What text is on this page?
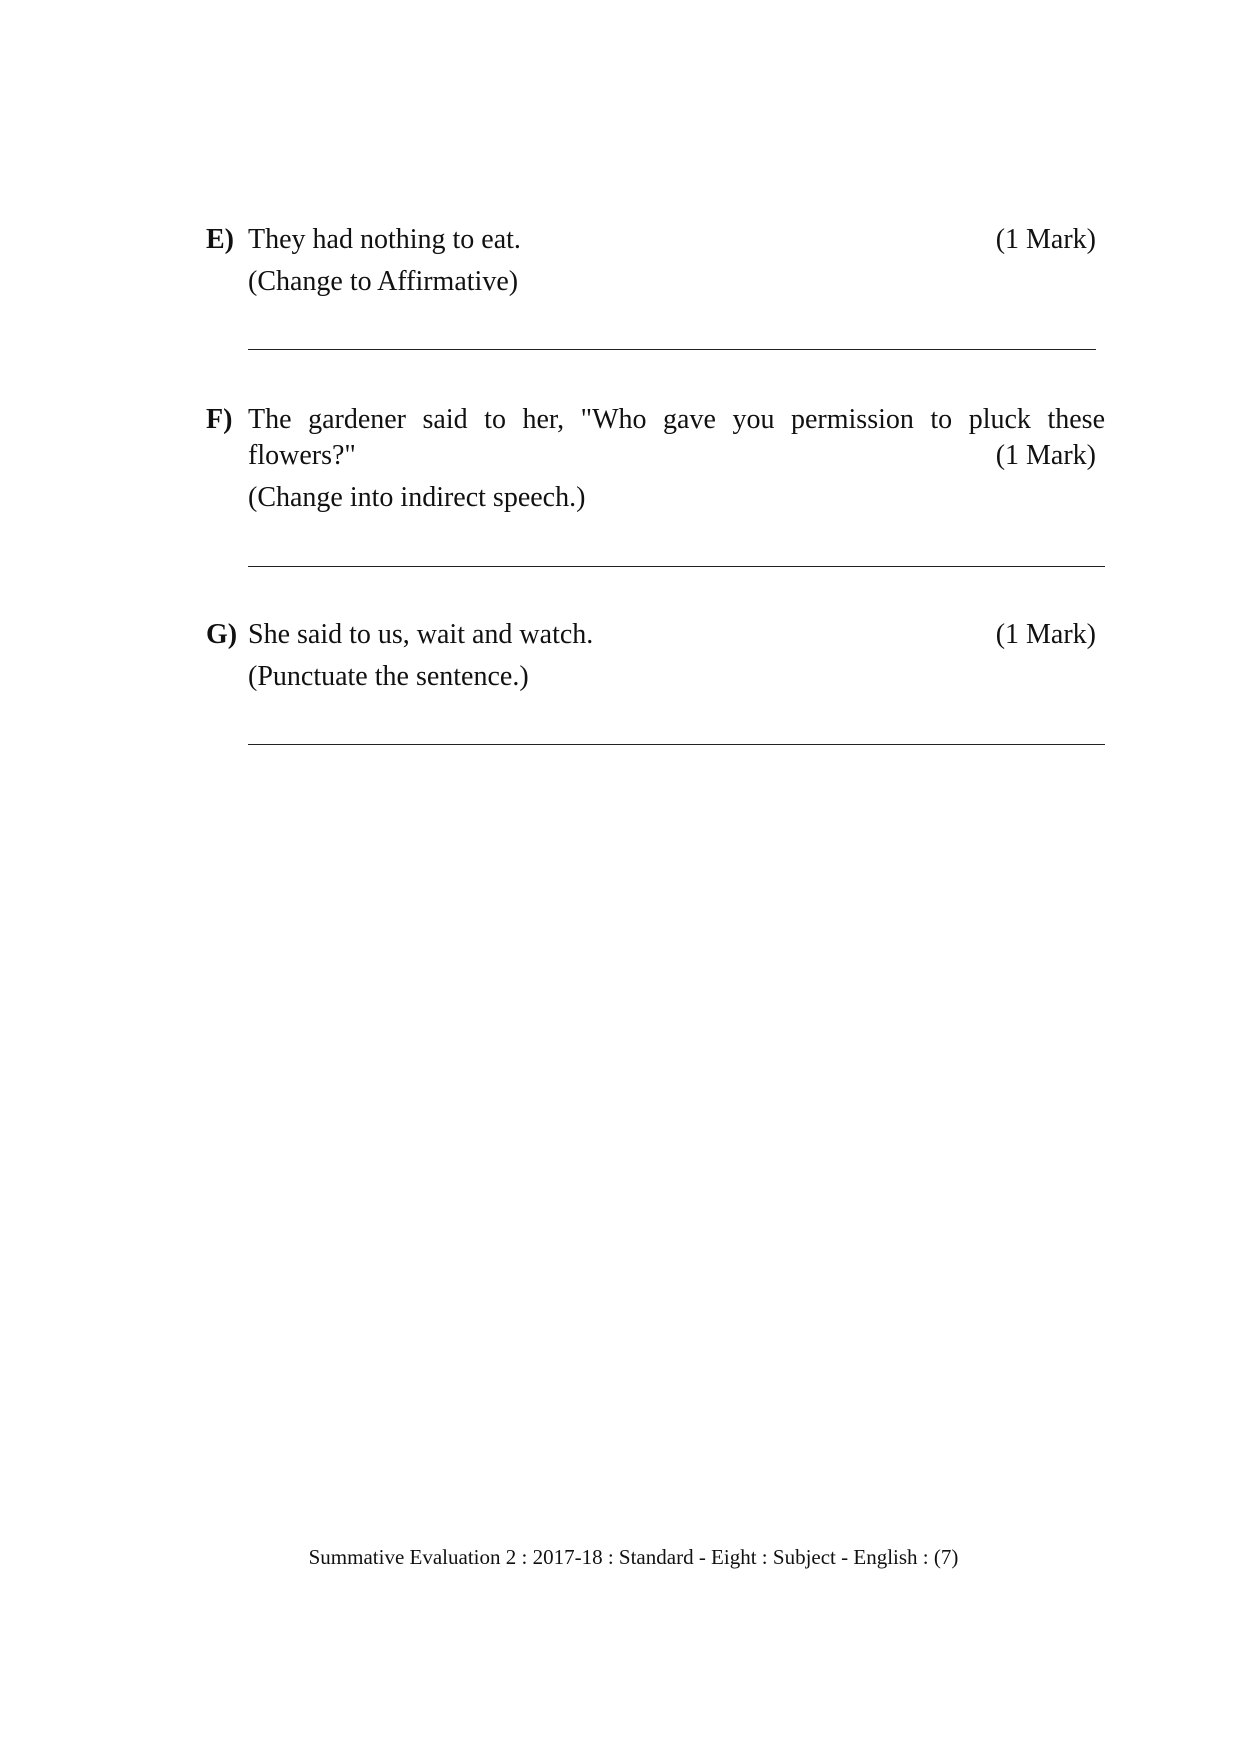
E) They had nothing to eat.	(1 Mark)
(Change to Affirmative)
F) The gardener said to her, "Who gave you permission to pluck these
flowers?"	(1 Mark)
(Change into indirect speech.)
G) She said to us, wait and watch.	(1 Mark)
(Punctuate the sentence.)
Summative Evaluation 2 : 2017-18 : Standard - Eight : Subject - English : (7)
